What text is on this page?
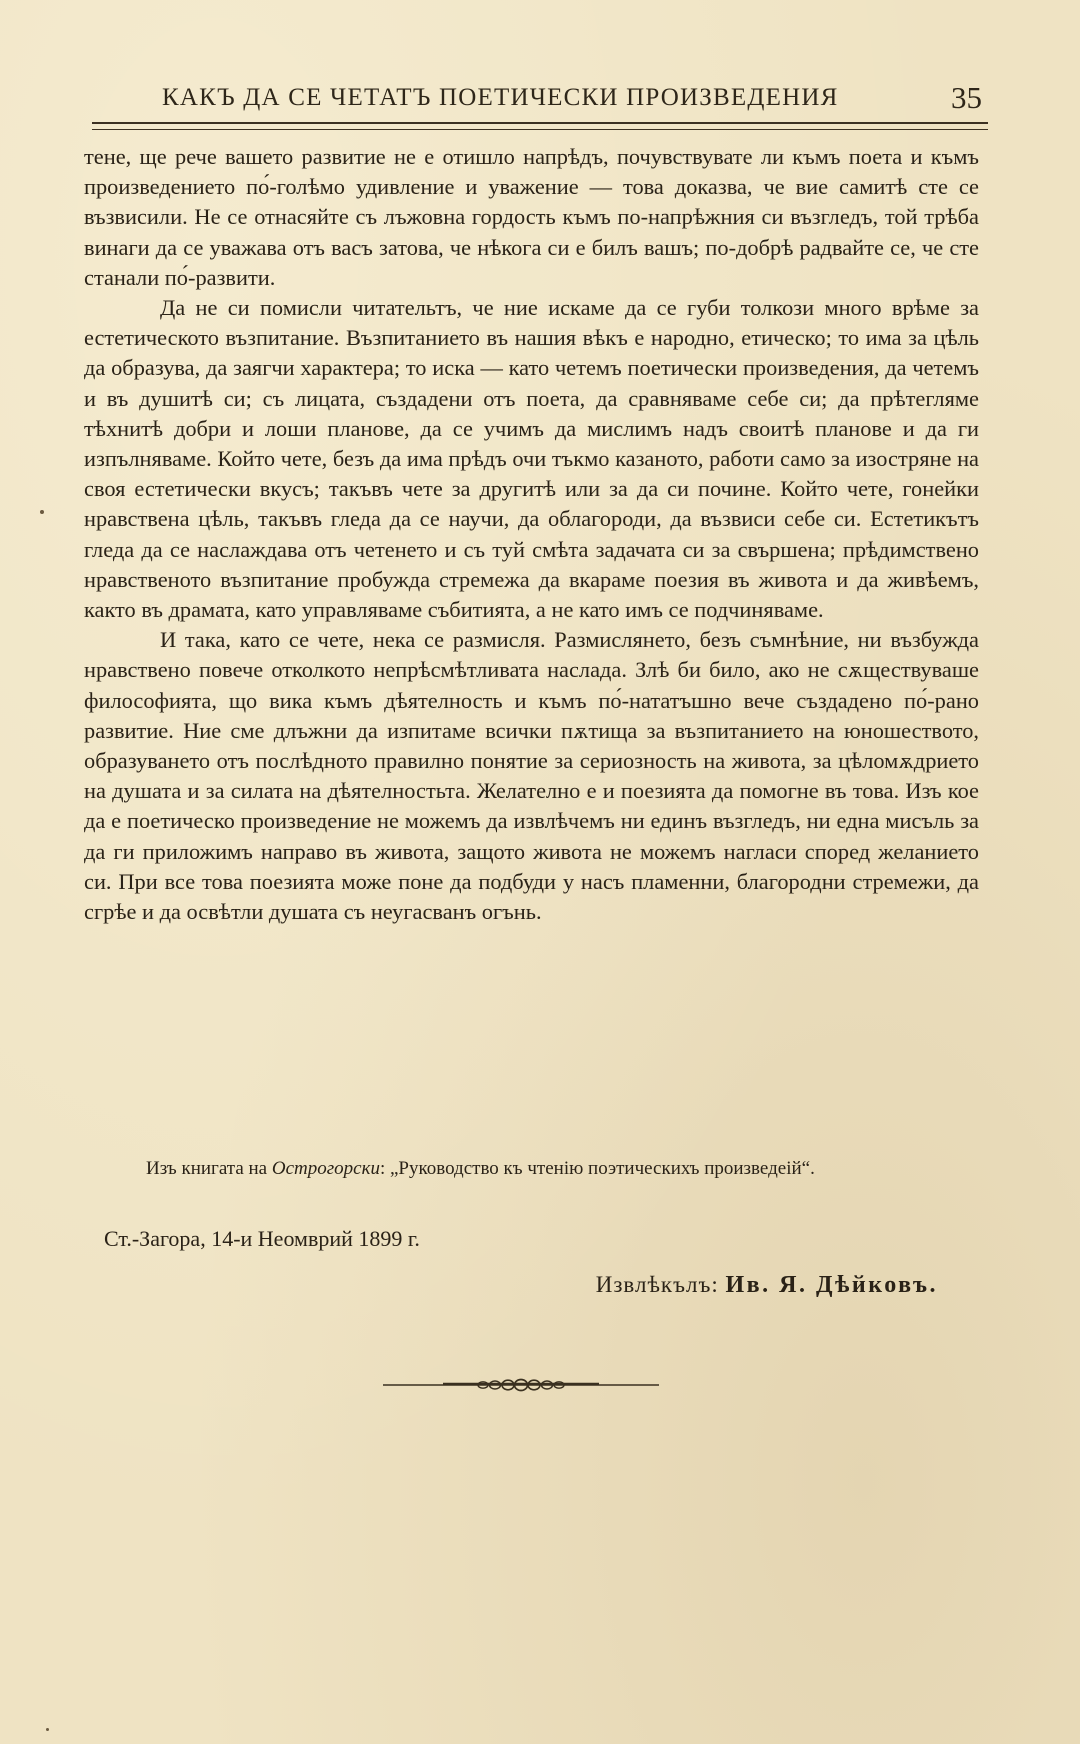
КАКЪ ДА СЕ ЧЕТАТЪ ПОЕТИЧЕСКИ ПРОИЗВЕДЕНИЯ	35

тене, ще рече вашето развитие не е отишло напрѣдъ, почувствувате ли къмъ поета и къмъ произведението по́-голѣмо удивление и уважение — това доказва, че вие самитѣ сте се възвисили. Не се отнасяйте съ лъжовна гордость къмъ по-напрѣжния си възгледъ, той трѣба винаги да се уважава отъ васъ затова, че нѣкога си е билъ вашъ; по-добрѣ радвайте се, че сте станали по́-развити.

Да не си помисли читательтъ, че ние искаме да се губи толкози много врѣме за естетическото възпитание. Възпитанието въ нашия вѣкъ е народно, етическо; то има за цѣль да образува, да заягчи характера; то иска — като четемъ поетически произведения, да четемъ и въ душитѣ си; съ лицата, създадени отъ поета, да сравняваме себе си; да прѣтегляме тѣхнитѣ добри и лоши планове, да се учимъ да мислимъ надъ своитѣ планове и да ги изпълняваме. Който чете, безъ да има прѣдъ очи тъкмо казаното, работи само за изостряне на своя естетически вкусъ; такъвъ чете за другитѣ или за да си почине. Който чете, гонейки нравствена цѣль, такъвъ гледа да се научи, да облагороди, да възвиси себе си. Естетикътъ гледа да се наслаждава отъ четенето и съ туй смѣта задачата си за свършена; прѣдимствено нравственото възпитание пробужда стремежа да вкараме поезия въ живота и да живѣемъ, както въ драмата, като управляваме събитията, а не като имъ се подчиняваме.

И така, като се чете, нека се размисля. Размислянето, безъ съмнѣние, ни възбужда нравствено повече отколкото непрѣсмѣтливата наслада. Злѣ би било, ако не сѫществуваше философията, що вика къмъ дѣятелность и къмъ по́-нататъшно вече създадено по́-рано развитие. Ние сме длъжни да изпитаме всички пѫтища за възпитанието на юношеството, образуването отъ послѣдното правилно понятие за сериозность на живота, за цѣломѫдрието на душата и за силата на дѣятелностьта. Желателно е и поезията да помогне въ това. Изъ кое да е поетическо произведение не можемъ да извлѣчемъ ни единъ възгледъ, ни една мисъль за да ги приложимъ направо въ живота, защото живота не можемъ нагласи според желанието си. При все това поезията може поне да подбуди у насъ пламенни, благородни стремежи, да сгрѣе и да освѣтли душата съ неугасванъ огънь.

Изъ книгата на Острогорски: „Руководство къ чтенію поэтическихъ произведеій“.
Ст.-Загора, 14-и Неомврий 1899 г.
Извлѣкълъ: Ив. Я. Дѣйковъ.
